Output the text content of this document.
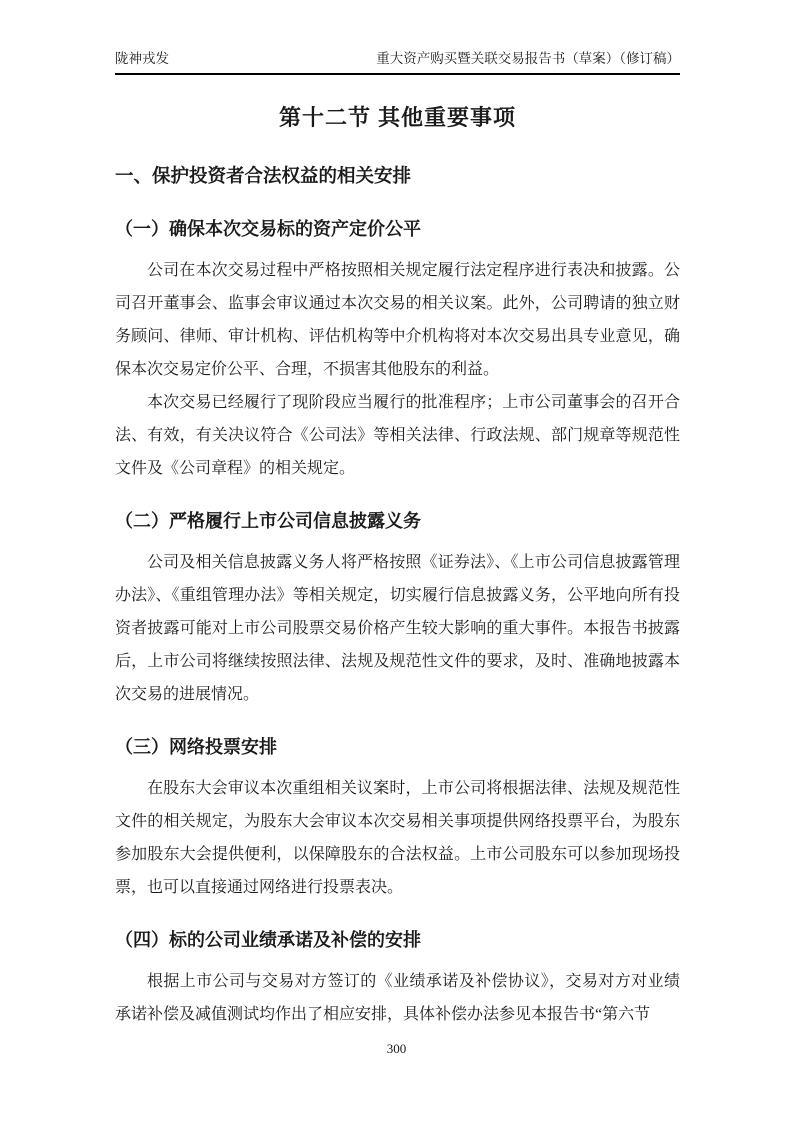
陇神戎发	重大资产购买暨关联交易报告书（草案）（修订稿）
第十二节 其他重要事项
一、保护投资者合法权益的相关安排
（一）确保本次交易标的资产定价公平

公司在本次交易过程中严格按照相关规定履行法定程序进行表决和披露。公司召开董事会、监事会审议通过本次交易的相关议案。此外，公司聘请的独立财务顾问、律师、审计机构、评估机构等中介机构将对本次交易出具专业意见，确保本次交易定价公平、合理，不损害其他股东的利益。

本次交易已经履行了现阶段应当履行的批准程序；上市公司董事会的召开合法、有效，有关决议符合《公司法》等相关法律、行政法规、部门规章等规范性文件及《公司章程》的相关规定。

（二）严格履行上市公司信息披露义务

公司及相关信息披露义务人将严格按照《证券法》、《上市公司信息披露管理办法》、《重组管理办法》等相关规定，切实履行信息披露义务，公平地向所有投资者披露可能对上市公司股票交易价格产生较大影响的重大事件。本报告书披露后，上市公司将继续按照法律、法规及规范性文件的要求，及时、准确地披露本次交易的进展情况。

（三）网络投票安排

在股东大会审议本次重组相关议案时，上市公司将根据法律、法规及规范性文件的相关规定，为股东大会审议本次交易相关事项提供网络投票平台，为股东参加股东大会提供便利，以保障股东的合法权益。上市公司股东可以参加现场投票，也可以直接通过网络进行投票表决。

（四）标的公司业绩承诺及补偿的安排

根据上市公司与交易对方签订的《业绩承诺及补偿协议》，交易对方对业绩承诺补偿及减值测试均作出了相应安排，具体补偿办法参见本报告书“第六节

300
